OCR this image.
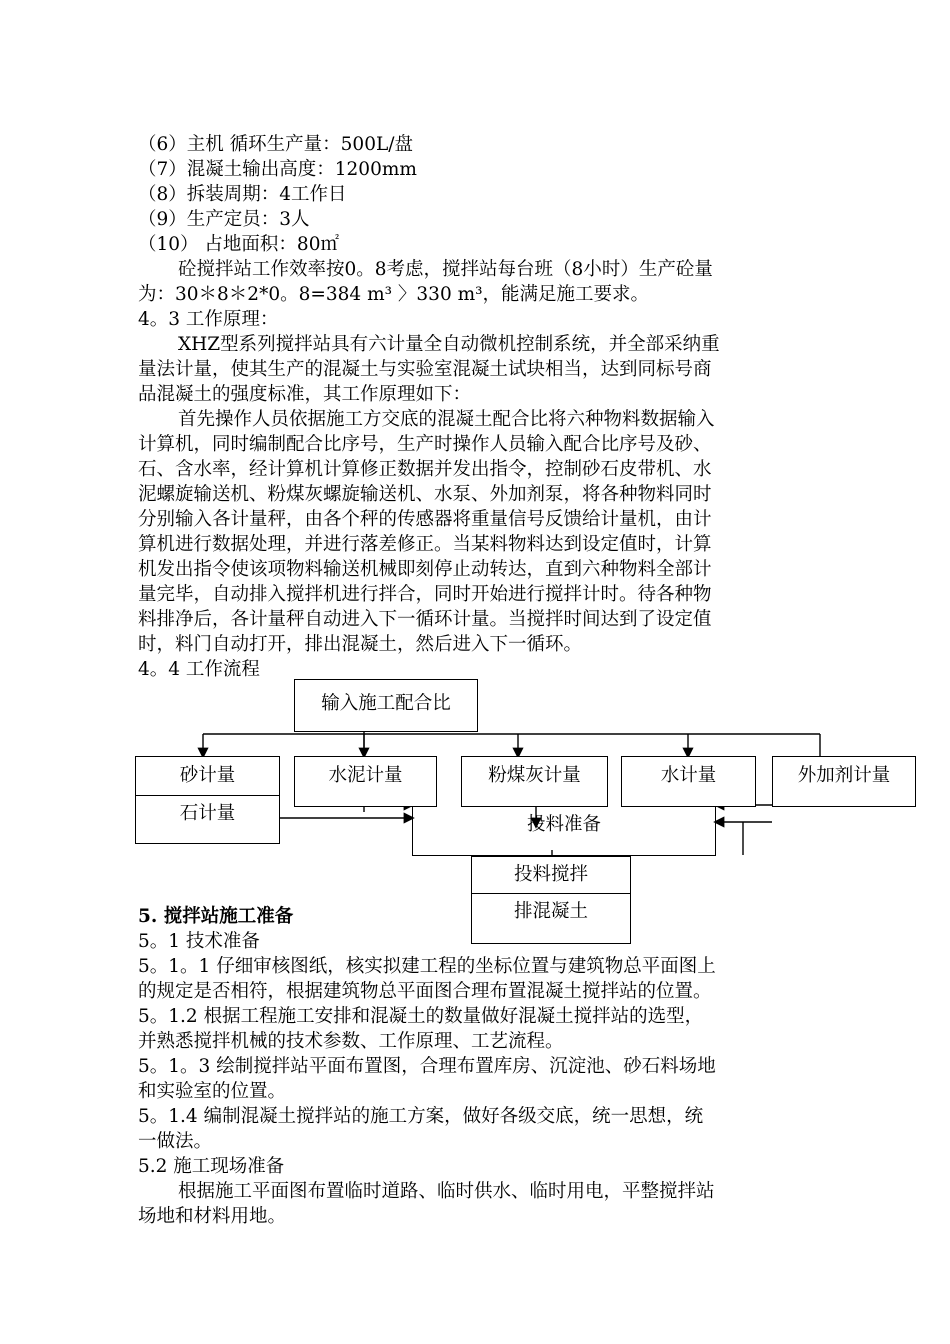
（6）主机 循环生产量：500L/盘
（7）混凝土输出高度：1200mm
（8）拆装周期：4工作日
（9）生产定员：3人
（10） 占地面积：80㎡
砼搅拌站工作效率按0。8考虑，搅拌站每台班（8小时）生产砼量
为：30＊8＊2*0。8=384 m³ 〉330 m³，能满足施工要求。
4。3 工作原理：
XHZ型系列搅拌站具有六计量全自动微机控制系统，并全部采纳重
量法计量，使其生产的混凝土与实验室混凝土试块相当，达到同标号商
品混凝土的强度标准，其工作原理如下：
首先操作人员依据施工方交底的混凝土配合比将六种物料数据输入
计算机，同时编制配合比序号，生产时操作人员输入配合比序号及砂、
石、含水率，经计算机计算修正数据并发出指令，控制砂石皮带机、水
泥螺旋输送机、粉煤灰螺旋输送机、水泵、外加剂泵，将各种物料同时
分别输入各计量秤，由各个秤的传感器将重量信号反馈给计量机，由计
算机进行数据处理，并进行落差修正。当某料物料达到设定值时，计算
机发出指令使该项物料输送机械即刻停止动转达，直到六种物料全部计
量完毕，自动排入搅拌机进行拌合，同时开始进行搅拌计时。待各种物
料排净后，各计量秤自动进入下一循环计量。当搅拌时间达到了设定值
时，料门自动打开，排出混凝土，然后进入下一循环。
4。4 工作流程
输入施工配合比
砂计量
石计量
水泥计量	粉煤灰计量	水计量	外加剂计量
投料准备
投料搅拌
排混凝土
5. 搅拌站施工准备
5。1 技术准备
5。1。1 仔细审核图纸，核实拟建工程的坐标位置与建筑物总平面图上
的规定是否相符，根据建筑物总平面图合理布置混凝土搅拌站的位置。
5。1.2 根据工程施工安排和混凝土的数量做好混凝土搅拌站的选型，
并熟悉搅拌机械的技术参数、工作原理、工艺流程。
5。1。3 绘制搅拌站平面布置图，合理布置库房、沉淀池、砂石料场地
和实验室的位置。
5。1.4 编制混凝土搅拌站的施工方案，做好各级交底，统一思想，统
一做法。
5.2 施工现场准备
根据施工平面图布置临时道路、临时供水、临时用电，平整搅拌站
场地和材料用地。
